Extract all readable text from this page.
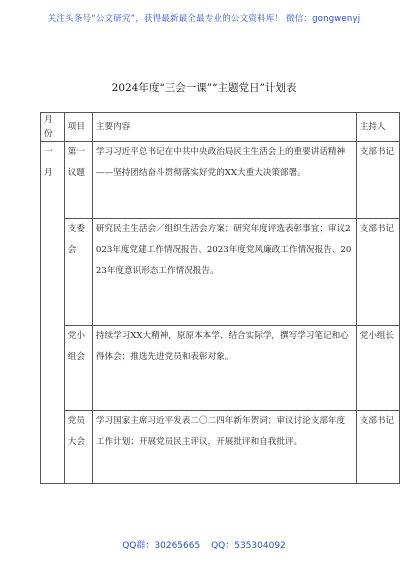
关注头条号“公文研究”，获得最新最全最专业的公文资料库！ 微信：gongwenyj
2024年度“三会一课”“主题党日”计划表
月份	项目	主要内容	主持人
一月	第一议题	学习习近平总书记在中共中央政治局民主生活会上的重要讲话精神——坚持团结奋斗贯彻落实好党的XX大重大决策部署。	支部书记
	支委会	研究民主生活会／组织生活会方案；研究年度评选表彰事宜；审议2023年度党建工作情况报告、2023年度党风廉政工作情况报告、2023年度意识形态工作情况报告。	支部书记
	党小组会	持续学习XX大精神，原原本本学、结合实际学，撰写学习笔记和心得体会；推选先进党员和表彰对象。	党小组长
	党员大会	学习国家主席习近平发表二〇二四年新年贺词；审议讨论支部年度工作计划；开展党员民主评议，开展批评和自我批评。	支部书记
QQ群：30265665 QQ：535304092
